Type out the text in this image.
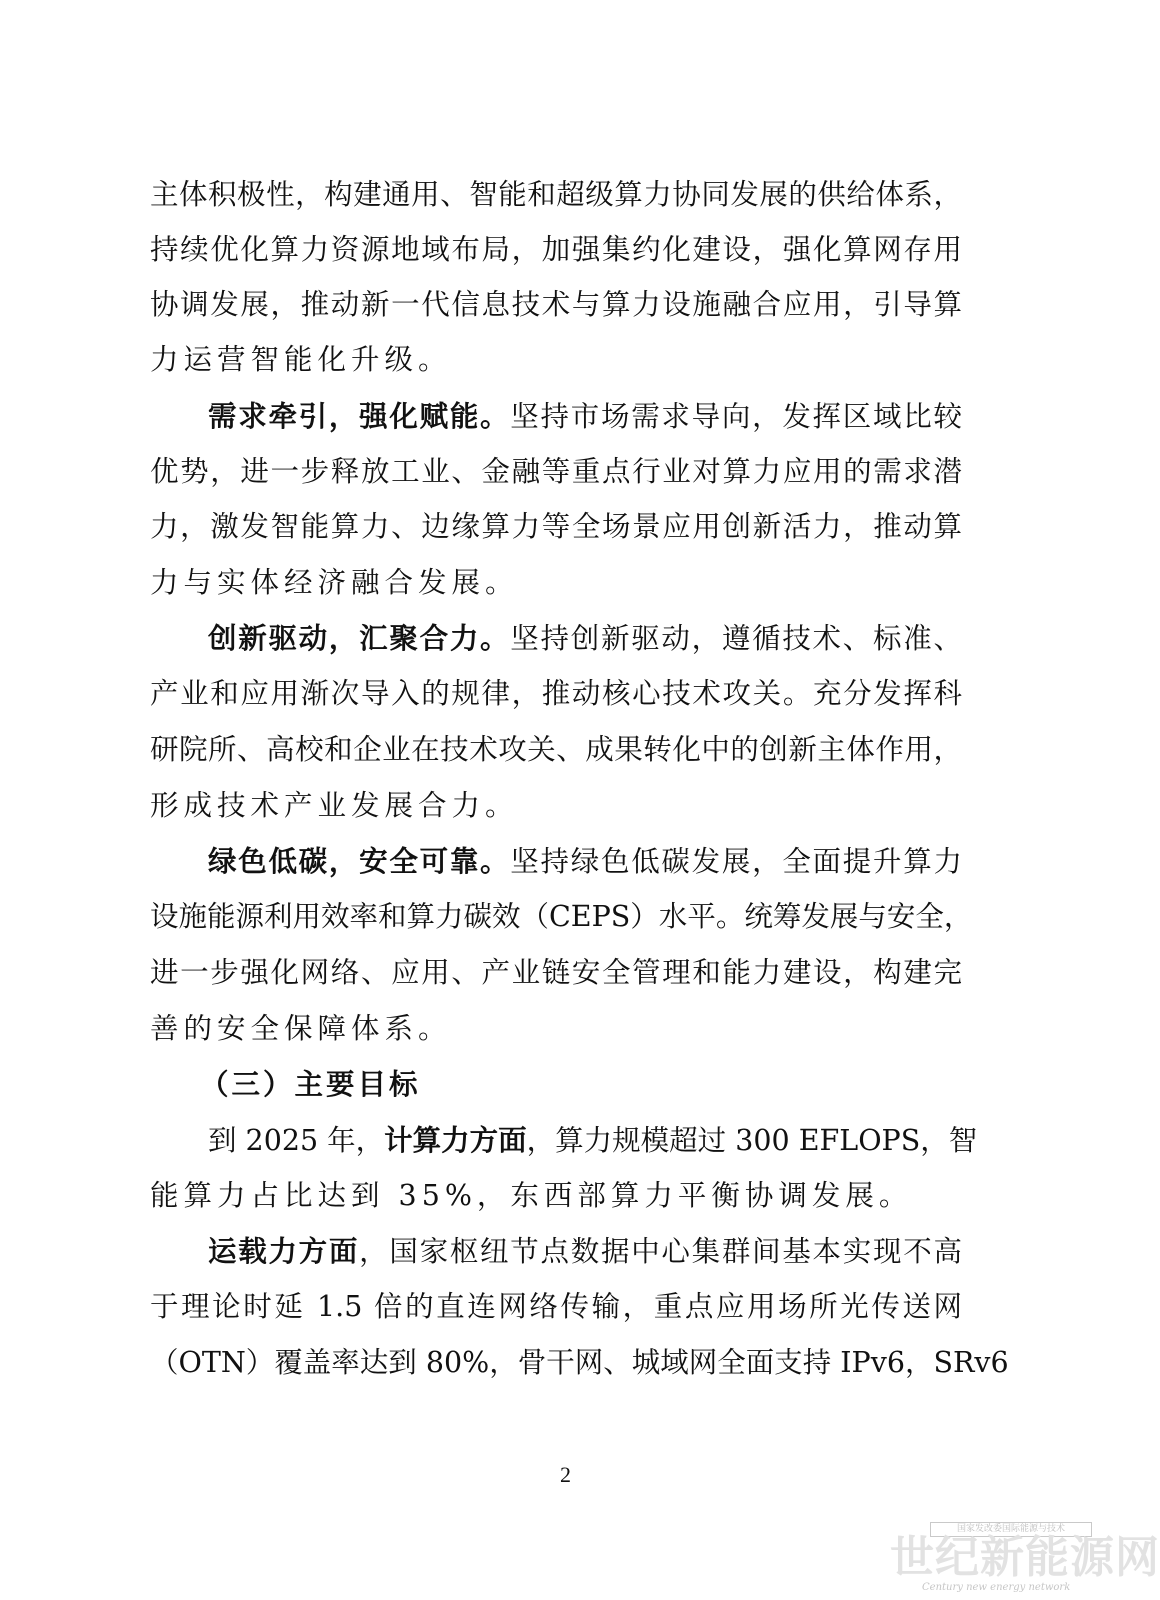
主体积极性，构建通用、智能和超级算力协同发展的供给体系，
持续优化算力资源地域布局，加强集约化建设，强化算网存用
协调发展，推动新一代信息技术与算力设施融合应用，引导算
力运营智能化升级。
需求牵引，强化赋能。坚持市场需求导向，发挥区域比较
优势，进一步释放工业、金融等重点行业对算力应用的需求潜
力，激发智能算力、边缘算力等全场景应用创新活力，推动算
力与实体经济融合发展。
创新驱动，汇聚合力。坚持创新驱动，遵循技术、标准、
产业和应用渐次导入的规律，推动核心技术攻关。充分发挥科
研院所、高校和企业在技术攻关、成果转化中的创新主体作用，
形成技术产业发展合力。
绿色低碳，安全可靠。坚持绿色低碳发展，全面提升算力
设施能源利用效率和算力碳效（CEPS）水平。统筹发展与安全，
进一步强化网络、应用、产业链安全管理和能力建设，构建完
善的安全保障体系。
（三）主要目标
到 2025 年，计算力方面，算力规模超过 300 EFLOPS，智
能算力占比达到 35%，东西部算力平衡协调发展。
运载力方面，国家枢纽节点数据中心集群间基本实现不高
于理论时延 1.5 倍的直连网络传输，重点应用场所光传送网
（OTN）覆盖率达到 80%，骨干网、城域网全面支持 IPv6，SRv6
2
国家发改委国际能源与技术
世纪新能源网
Century new energy network
